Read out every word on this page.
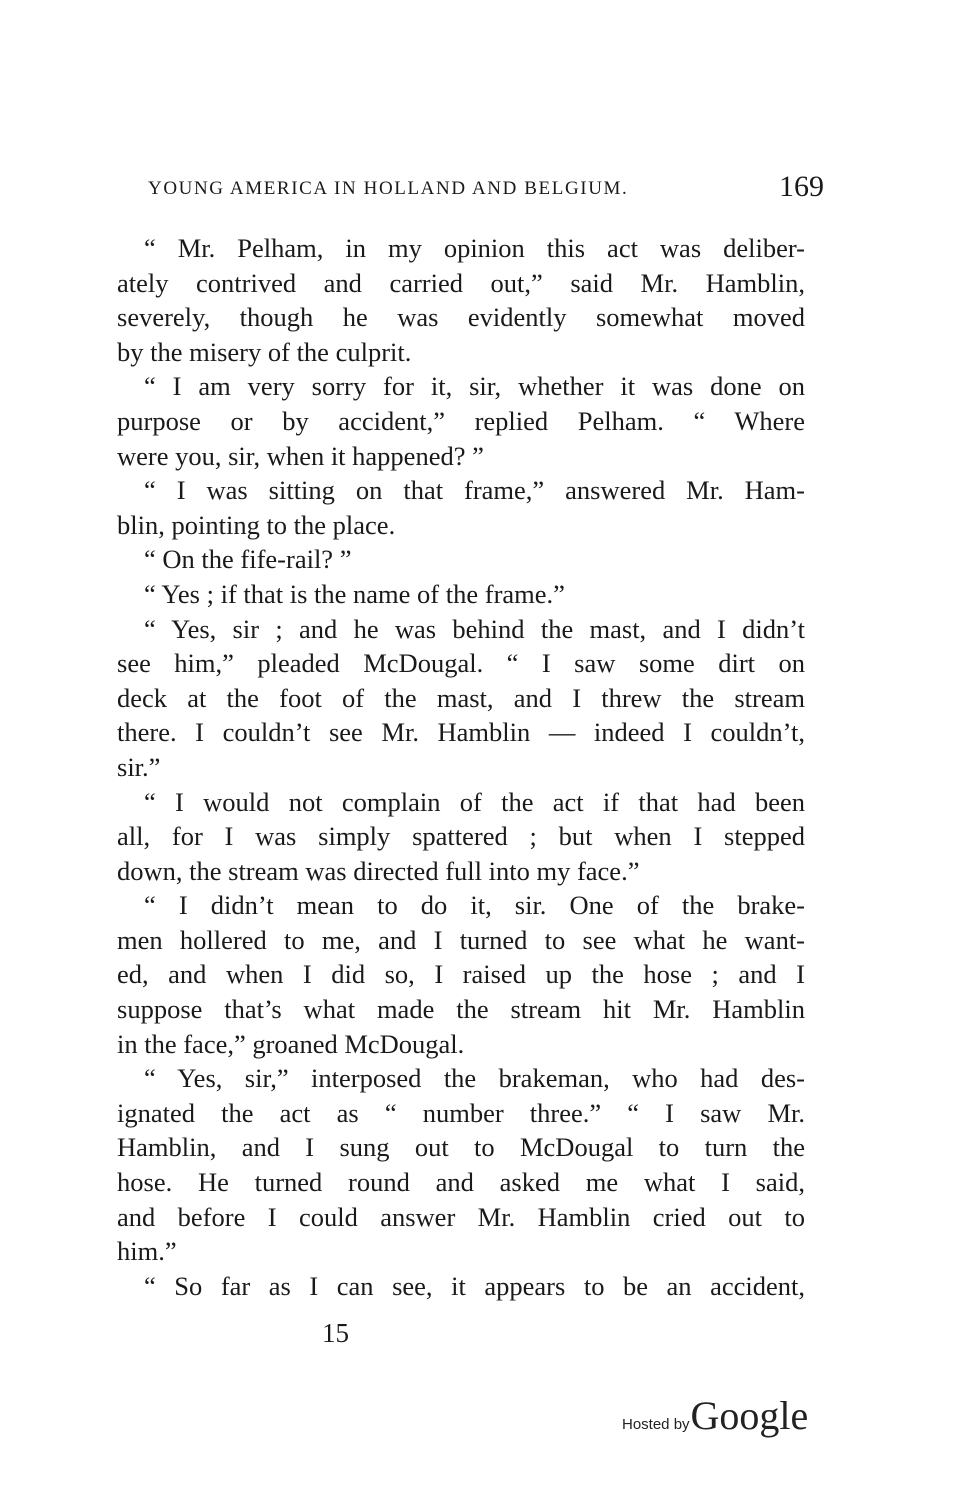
YOUNG AMERICA IN HOLLAND AND BELGIUM.	169
“ Mr. Pelham, in my opinion this act was deliber-
ately contrived and carried out,” said Mr. Hamblin,
severely, though he was evidently somewhat moved
by the misery of the culprit.
“ I am very sorry for it, sir, whether it was done on
purpose or by accident,” replied Pelham. “ Where
were you, sir, when it happened? ”
“ I was sitting on that frame,” answered Mr. Ham-
blin, pointing to the place.
“ On the fife-rail? ”
“ Yes ; if that is the name of the frame.”
“ Yes, sir ; and he was behind the mast, and I didn’t
see him,” pleaded McDougal. “ I saw some dirt on
deck at the foot of the mast, and I threw the stream
there. I couldn’t see Mr. Hamblin — indeed I couldn’t,
sir.”
“ I would not complain of the act if that had been
all, for I was simply spattered ; but when I stepped
down, the stream was directed full into my face.”
“ I didn’t mean to do it, sir. One of the brake-
men hollered to me, and I turned to see what he want-
ed, and when I did so, I raised up the hose ; and I
suppose that’s what made the stream hit Mr. Hamblin
in the face,” groaned McDougal.
“ Yes, sir,” interposed the brakeman, who had des-
ignated the act as “ number three.” “ I saw Mr.
Hamblin, and I sung out to McDougal to turn the
hose. He turned round and asked me what I said,
and before I could answer Mr. Hamblin cried out to
him.”
“ So far as I can see, it appears to be an accident,
15
Hosted byGoogle
